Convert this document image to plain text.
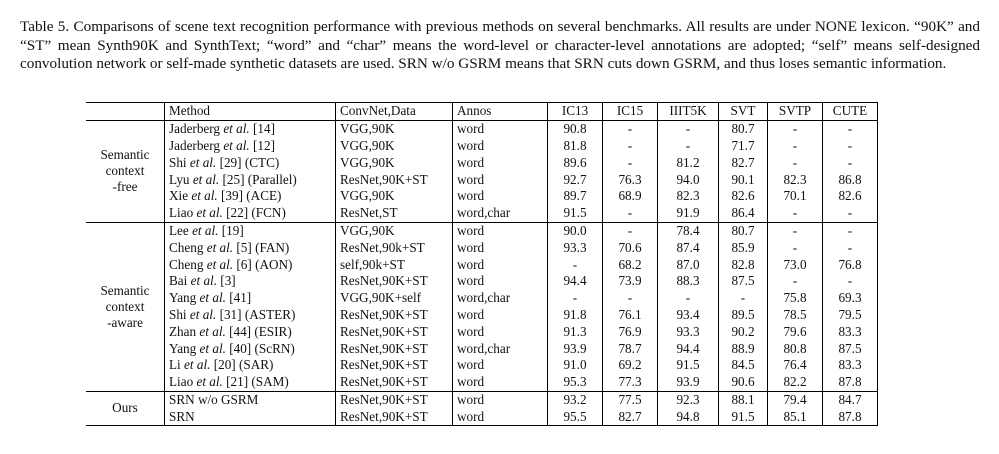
Table 5. Comparisons of scene text recognition performance with previous methods on several benchmarks. All results are under NONE lexicon. “90K” and “ST” mean Synth90K and SynthText; “word” and “char” means the word-level or character-level annotations are adopted; “self” means self-designed convolution network or self-made synthetic datasets are used. SRN w/o GSRM means that SRN cuts down GSRM, and thus loses semantic information.
	Method	ConvNet,Data	Annos	IC13	IC15	IIIT5K	SVT	SVTP	CUTE

Semantic
context
-free	Jaderberg et al. [14]	VGG,90K	word	90.8	-	-	80.7	-	-
	Jaderberg et al. [12]	VGG,90K	word	81.8	-	-	71.7	-	-
	Shi et al. [29] (CTC)	VGG,90K	word	89.6	-	81.2	82.7	-	-
	Lyu et al. [25] (Parallel)	ResNet,90K+ST	word	92.7	76.3	94.0	90.1	82.3	86.8
	Xie et al. [39] (ACE)	VGG,90K	word	89.7	68.9	82.3	82.6	70.1	82.6
	Liao et al. [22] (FCN)	ResNet,ST	word,char	91.5	-	91.9	86.4	-	-

Semantic
context
-aware	Lee et al. [19]	VGG,90K	word	90.0	-	78.4	80.7	-	-
	Cheng et al. [5] (FAN)	ResNet,90k+ST	word	93.3	70.6	87.4	85.9	-	-
	Cheng et al. [6] (AON)	self,90k+ST	word	-	68.2	87.0	82.8	73.0	76.8
	Bai et al. [3]	ResNet,90K+ST	word	94.4	73.9	88.3	87.5	-	-
	Yang et al. [41]	VGG,90K+self	word,char	-	-	-	-	75.8	69.3
	Shi et al. [31] (ASTER)	ResNet,90K+ST	word	91.8	76.1	93.4	89.5	78.5	79.5
	Zhan et al. [44] (ESIR)	ResNet,90K+ST	word	91.3	76.9	93.3	90.2	79.6	83.3
	Yang et al. [40] (ScRN)	ResNet,90K+ST	word,char	93.9	78.7	94.4	88.9	80.8	87.5
	Li et al. [20] (SAR)	ResNet,90K+ST	word	91.0	69.2	91.5	84.5	76.4	83.3
	Liao et al. [21] (SAM)	ResNet,90K+ST	word	95.3	77.3	93.9	90.6	82.2	87.8

Ours	SRN w/o GSRM	ResNet,90K+ST	word	93.2	77.5	92.3	88.1	79.4	84.7
	SRN	ResNet,90K+ST	word	95.5	82.7	94.8	91.5	85.1	87.8
